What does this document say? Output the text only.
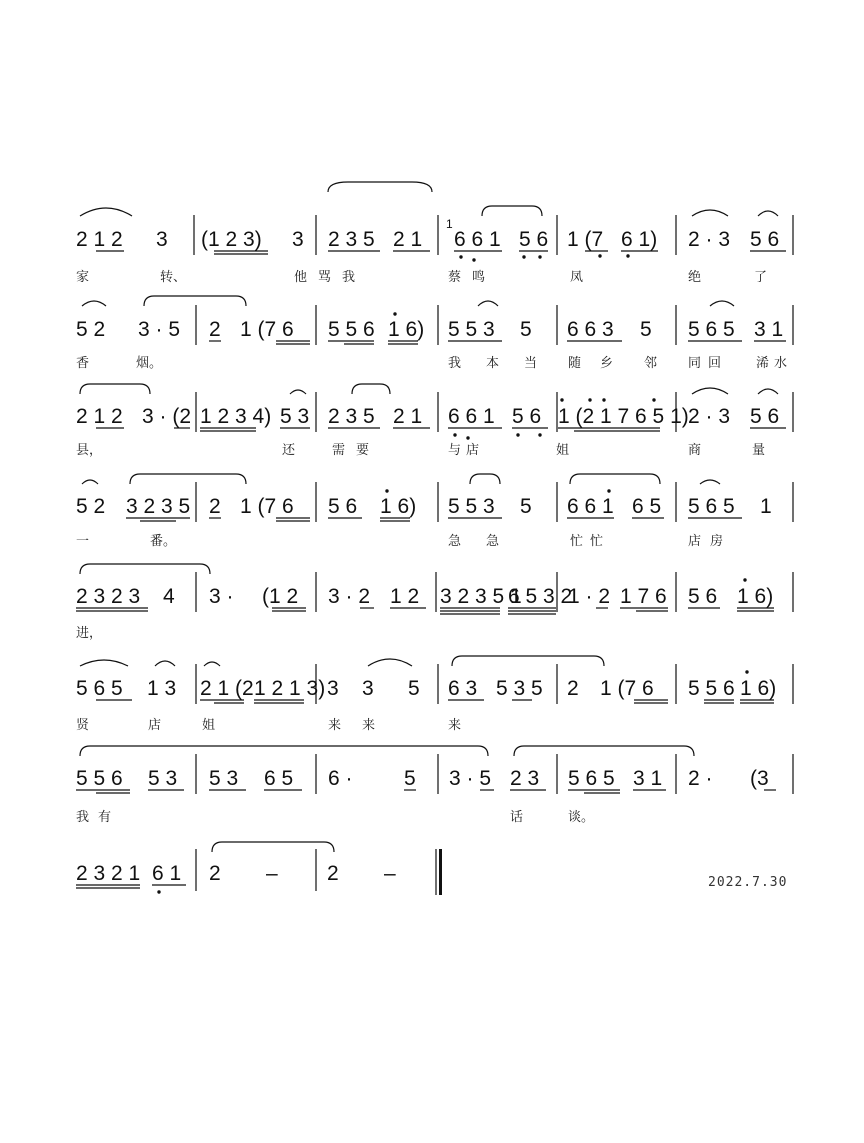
2 1 2 3 (1 2 3) 3 2 3 5 2 1 6 6 1 5 6 1 (7 6 1) 2 · 3 5 6
1
家	转、	他 骂 我	蔡 鸣	凤	绝	了
5 2 3 · 5 2 1 (7 6 5 5 6 1 6) 5 5 3 5 6 6 3 5 5 6 5 3 1
香	烟。	我 本 当 随 乡 邻 同 回	浠 水
2 1 2 3 · (2 1 2 3 4) 5 3 2 3 5 2 1 6 6 1 5 6 1 (2 1 7 6 5 1) 2 · 3 5 6
县，	还	需 要	与 店	姐	商	量
5 2 3 2 3 5 2 1 (7 6 5 6 1 6) 5 5 3 5 6 6 1 6 5 5 6 5 1
一	番。	急 急	忙 忙	店 房
2 3 2 3 4 3 · (1 2 3 · 2 1 2 3 2 3 5 1
6 5 3 2
1 · 2 1 7 6 5 6 1 6)
进，
5 6 5 1 3 2 1 (2 1 2 1 3) 3 3 5 6 3 5 3 5 2 1 (7 6 5 5 6 1 6)
贤	店	姐	来 来	来
5 5 6 5 3 5 3 6 5 6 · 5 3 · 5 2 3 5 6 5 3 1 2 · (3
我 有	话	谈。
2 3 2 1 6 1 2 – 2 –	2022.7.30
